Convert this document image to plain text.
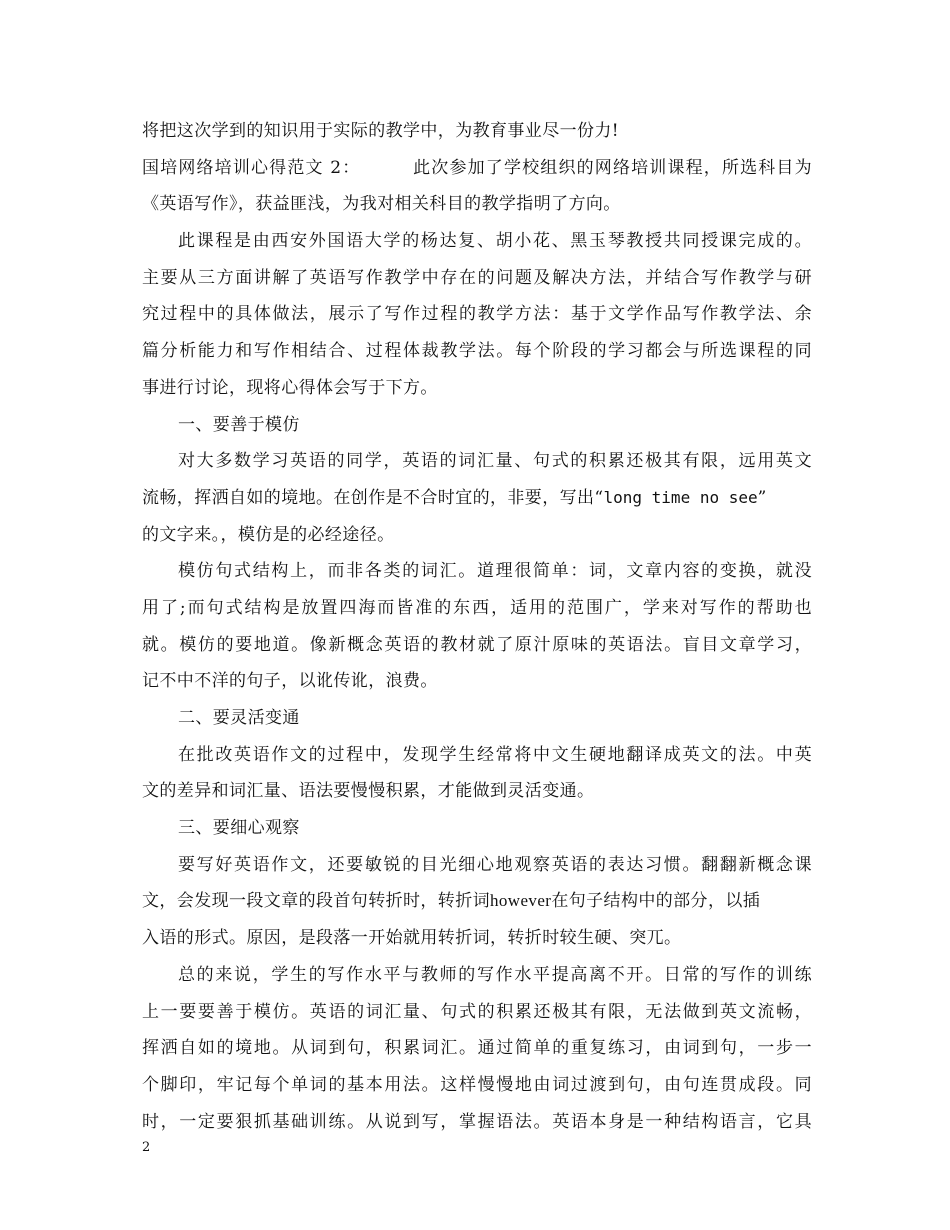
将把这次学到的知识用于实际的教学中，为教育事业尽一份力!
国培网络培训心得范文 2：	此次参加了学校组织的网络培训课程，所选科目为
《英语写作》，获益匪浅，为我对相关科目的教学指明了方向。
此课程是由西安外国语大学的杨达复、胡小花、黑玉琴教授共同授课完成的。
主要从三方面讲解了英语写作教学中存在的问题及解决方法，并结合写作教学与研
究过程中的具体做法，展示了写作过程的教学方法：基于文学作品写作教学法、余
篇分析能力和写作相结合、过程体裁教学法。每个阶段的学习都会与所选课程的同
事进行讨论，现将心得体会写于下方。
一、要善于模仿
对大多数学习英语的同学，英语的词汇量、句式的积累还极其有限，远用英文
流畅，挥洒自如的境地。在创作是不合时宜的，非要，写出“long time no see”
的文字来。，模仿是的必经途径。
模仿句式结构上，而非各类的词汇。道理很简单：词，文章内容的变换，就没
用了;而句式结构是放置四海而皆准的东西，适用的范围广，学来对写作的帮助也
就。模仿的要地道。像新概念英语的教材就了原汁原味的英语法。盲目文章学习，
记不中不洋的句子，以讹传讹，浪费。
二、要灵活变通
在批改英语作文的过程中，发现学生经常将中文生硬地翻译成英文的法。中英
文的差异和词汇量、语法要慢慢积累，才能做到灵活变通。
三、要细心观察
要写好英语作文，还要敏锐的目光细心地观察英语的表达习惯。翻翻新概念课
文，会发现一段文章的段首句转折时，转折词however在句子结构中的部分，以插
入语的形式。原因，是段落一开始就用转折词，转折时较生硬、突兀。
总的来说，学生的写作水平与教师的写作水平提高离不开。日常的写作的训练
上一要要善于模仿。英语的词汇量、句式的积累还极其有限，无法做到英文流畅，
挥洒自如的境地。从词到句，积累词汇。通过简单的重复练习，由词到句，一步一
个脚印，牢记每个单词的基本用法。这样慢慢地由词过渡到句，由句连贯成段。同
时，一定要狠抓基础训练。从说到写，掌握语法。英语本身是一种结构语言，它具
2
